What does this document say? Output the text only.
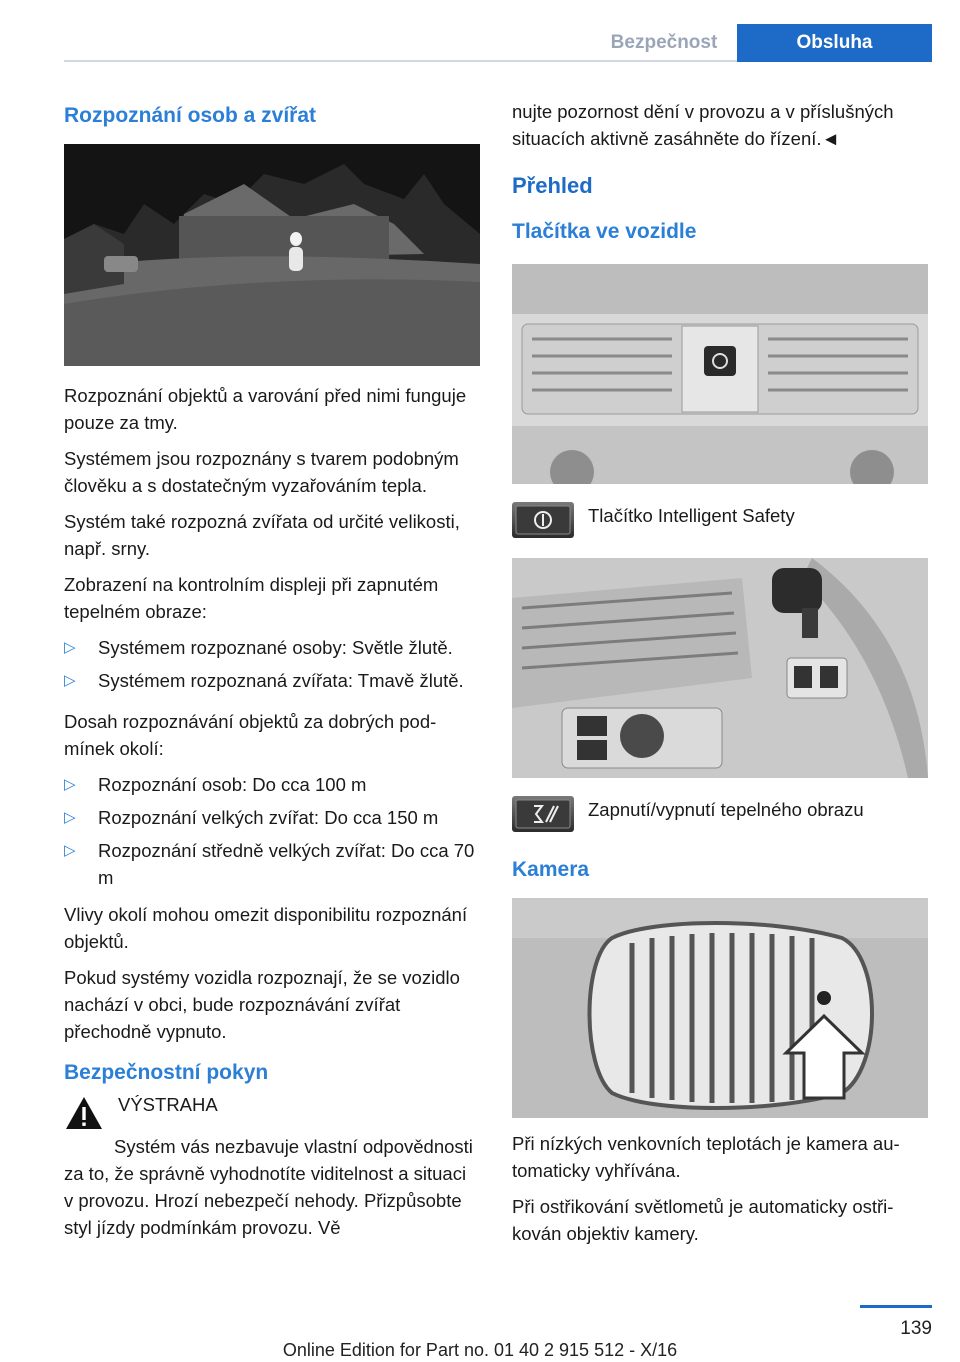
Bezpečnost	Obsluha
Rozpoznání osob a zvířat

Rozpoznání objektů a varování před nimi funguje pouze za tmy.

Systémem jsou rozpoznány s tvarem podobným člověku a s dostatečným vyzařováním tepla.

Systém také rozpozná zvířata od určité velikosti, např. srny.

Zobrazení na kontrolním displeji při zapnutém tepelném obraze:

▷ Systémem rozpoznané osoby: Světle žlutě.
▷ Systémem rozpoznaná zvířata: Tmavě žlutě.

Dosah rozpoznávání objektů za dobrých podmínek okolí:

▷ Rozpoznání osob: Do cca 100 m
▷ Rozpoznání velkých zvířat: Do cca 150 m
▷ Rozpoznání středně velkých zvířat: Do cca 70 m

Vlivy okolí mohou omezit disponibilitu rozpoznání objektů.

Pokud systémy vozidla rozpoznají, že se vozidlo nachází v obci, bude rozpoznávání zvířat přechodně vypnuto.

Bezpečnostní pokyn
VÝSTRAHA

Systém vás nezbavuje vlastní odpovědnosti za to, že správně vyhodnotíte viditelnost a situaci v provozu. Hrozí nebezpečí nehody. Přizpůsobte styl jízdy podmínkám provozu. Vě

nujte pozornost dění v provozu a v příslušných situacích aktivně zasáhněte do řízení.◄

Přehled
Tlačítka ve vozidle
Tlačítko Intelligent Safety
Zapnutí/vypnutí tepelného obrazu
Kamera

Při nízkých venkovních teplotách je kamera automaticky vyhřívána.

Při ostřikování světlometů je automaticky ostřikován objektiv kamery.

139
Online Edition for Part no. 01 40 2 915 512 - X/16
